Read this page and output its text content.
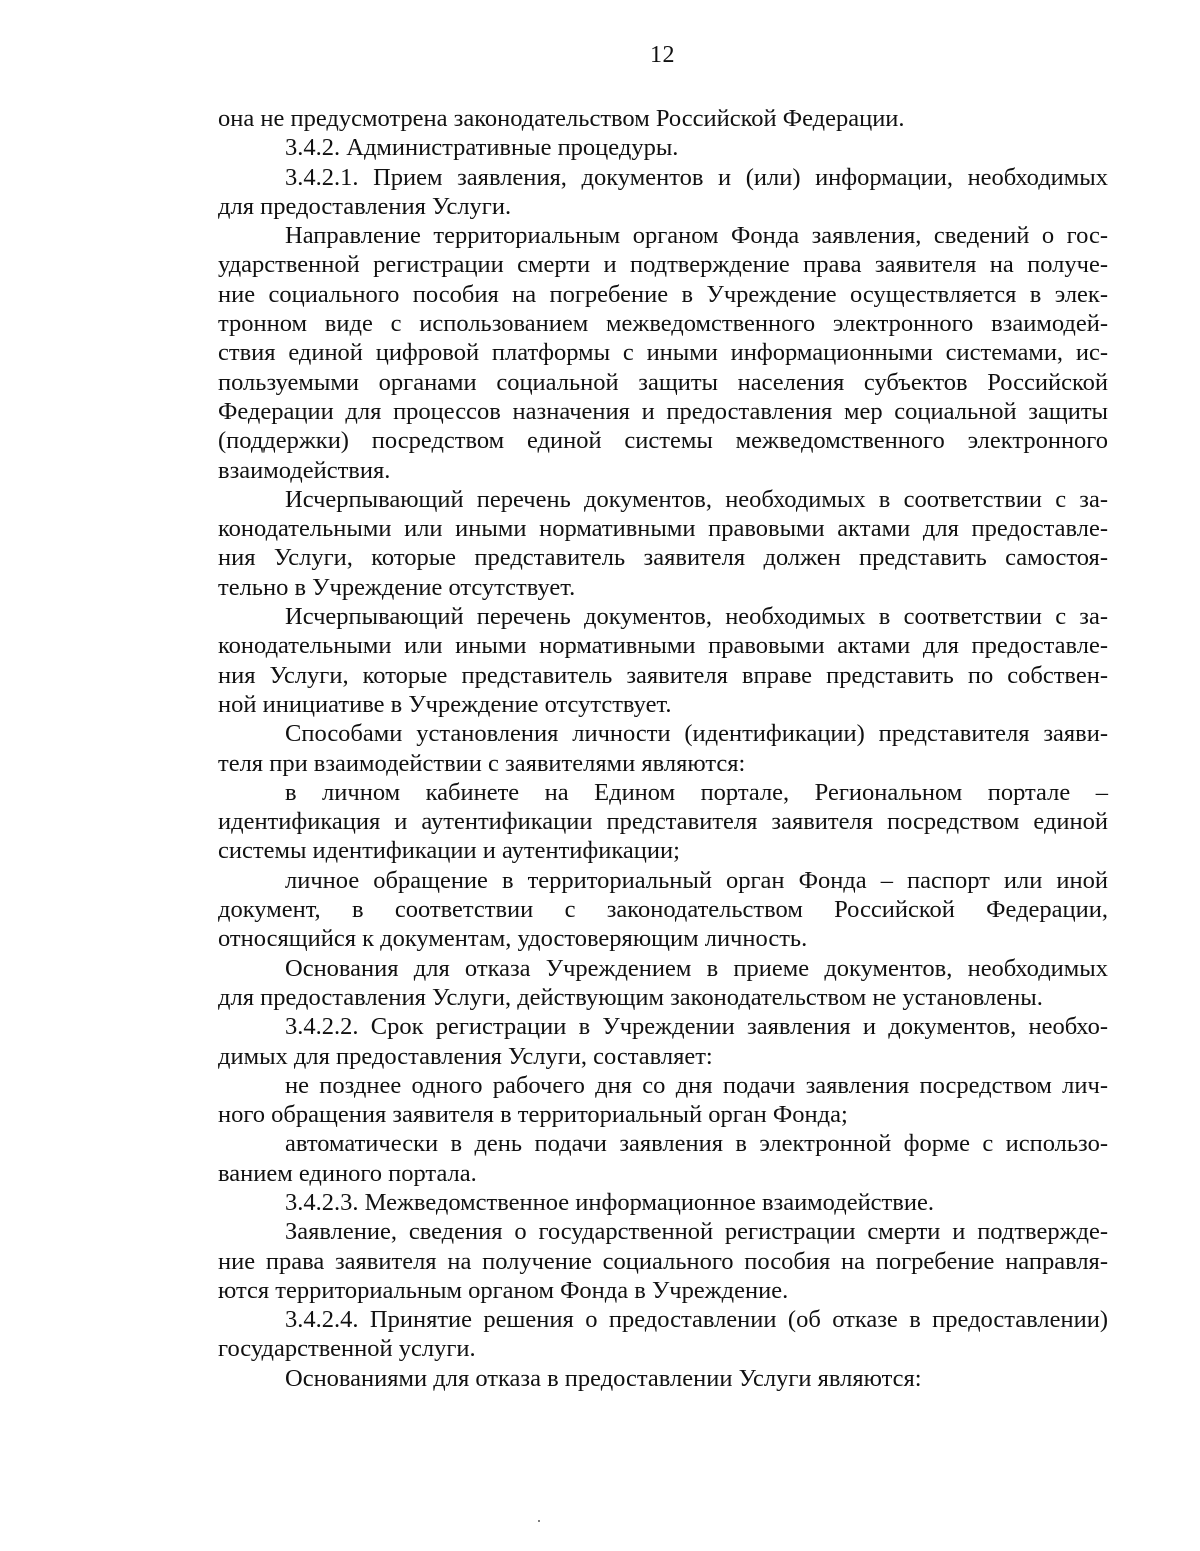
12
она не предусмотрена законодательством Российской Федерации.
3.4.2. Административные процедуры.
3.4.2.1. Прием заявления, документов и (или) информации, необходимых
для предоставления Услуги.
Направление территориальным органом Фонда заявления, сведений о гос-
ударственной регистрации смерти и подтверждение права заявителя на получе-
ние социального пособия на погребение в Учреждение осуществляется в элек-
тронном виде с использованием межведомственного электронного взаимодей-
ствия единой цифровой платформы с иными информационными системами, ис-
пользуемыми органами социальной защиты населения субъектов Российской
Федерации для процессов назначения и предоставления мер социальной защиты
(поддержки) посредством единой системы межведомственного электронного
взаимодействия.
Исчерпывающий перечень документов, необходимых в соответствии с за-
конодательными или иными нормативными правовыми актами для предоставле-
ния Услуги, которые представитель заявителя должен представить самостоя-
тельно в Учреждение отсутствует.
Исчерпывающий перечень документов, необходимых в соответствии с за-
конодательными или иными нормативными правовыми актами для предоставле-
ния Услуги, которые представитель заявителя вправе представить по собствен-
ной инициативе в Учреждение отсутствует.
Способами установления личности (идентификации) представителя заяви-
теля при взаимодействии с заявителями являются:
в личном кабинете на Едином портале, Региональном портале –
идентификация и аутентификации представителя заявителя посредством единой
системы идентификации и аутентификации;
личное обращение в территориальный орган Фонда – паспорт или иной
документ, в соответствии с законодательством Российской Федерации,
относящийся к документам, удостоверяющим личность.
Основания для отказа Учреждением в приеме документов, необходимых
для предоставления Услуги, действующим законодательством не установлены.
3.4.2.2. Срок регистрации в Учреждении заявления и документов, необхо-
димых для предоставления Услуги, составляет:
не позднее одного рабочего дня со дня подачи заявления посредством лич-
ного обращения заявителя в территориальный орган Фонда;
автоматически в день подачи заявления в электронной форме с использо-
ванием единого портала.
3.4.2.3. Межведомственное информационное взаимодействие.
Заявление, сведения о государственной регистрации смерти и подтвержде-
ние права заявителя на получение социального пособия на погребение направля-
ются территориальным органом Фонда в Учреждение.
3.4.2.4. Принятие решения о предоставлении (об отказе в предоставлении)
государственной услуги.
Основаниями для отказа в предоставлении Услуги являются:
